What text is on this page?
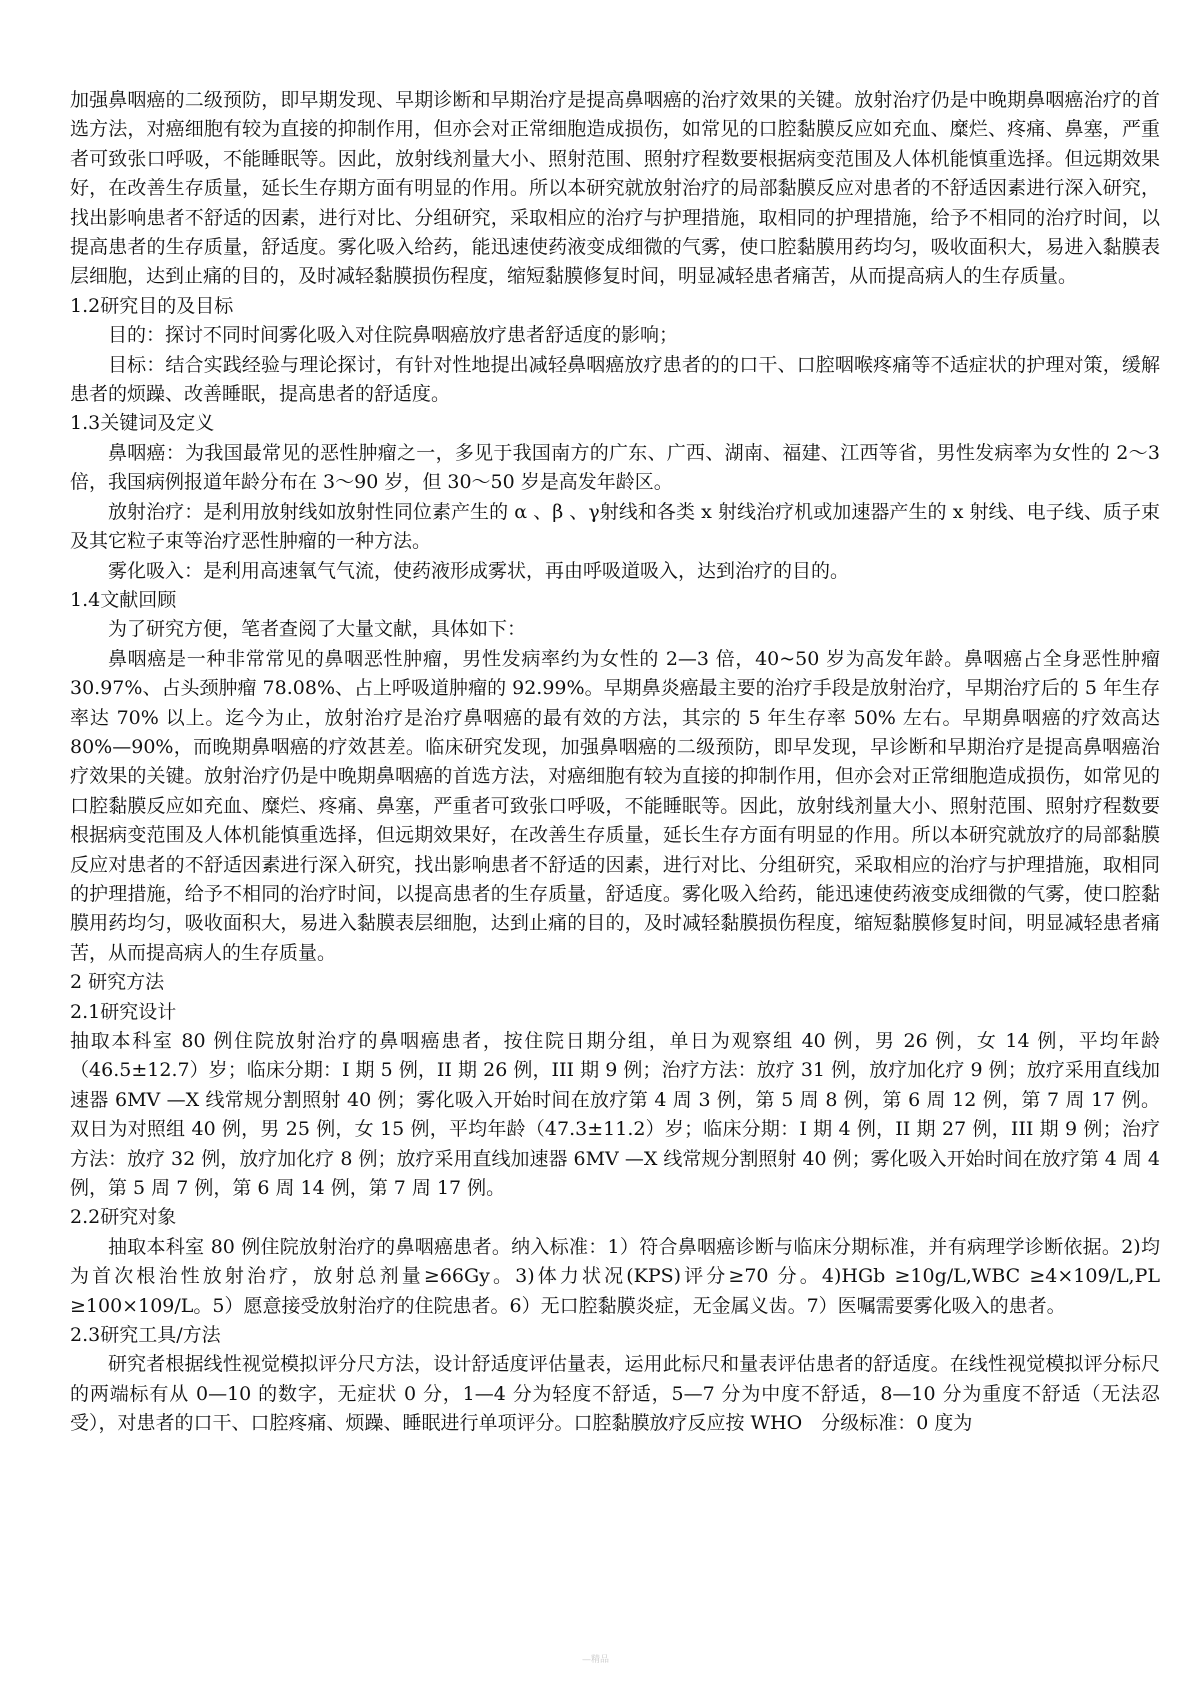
加强鼻咽癌的二级预防，即早期发现、早期诊断和早期治疗是提高鼻咽癌的治疗效果的关键。放射治疗仍是中晚期鼻咽癌治疗的首选方法，对癌细胞有较为直接的抑制作用，但亦会对正常细胞造成损伤，如常见的口腔黏膜反应如充血、糜烂、疼痛、鼻塞，严重者可致张口呼吸，不能睡眠等。因此，放射线剂量大小、照射范围、照射疗程数要根据病变范围及人体机能慎重选择。但远期效果好，在改善生存质量，延长生存期方面有明显的作用。所以本研究就放射治疗的局部黏膜反应对患者的不舒适因素进行深入研究，找出影响患者不舒适的因素，进行对比、分组研究，采取相应的治疗与护理措施，取相同的护理措施，给予不相同的治疗时间，以提高患者的生存质量，舒适度。雾化吸入给药，能迅速使药液变成细微的气雾，使口腔黏膜用药均匀，吸收面积大，易进入黏膜表层细胞，达到止痛的目的，及时减轻黏膜损伤程度，缩短黏膜修复时间，明显减轻患者痛苦，从而提高病人的生存质量。

1.2研究目的及目标

目的：探讨不同时间雾化吸入对住院鼻咽癌放疗患者舒适度的影响；

目标：结合实践经验与理论探讨，有针对性地提出减轻鼻咽癌放疗患者的的口干、口腔咽喉疼痛等不适症状的护理对策，缓解患者的烦躁、改善睡眠，提高患者的舒适度。

1.3关键词及定义

鼻咽癌：为我国最常见的恶性肿瘤之一，多见于我国南方的广东、广西、湖南、福建、江西等省，男性发病率为女性的 2～3 倍，我国病例报道年龄分布在 3～90 岁，但 30～50 岁是高发年龄区。

放射治疗：是利用放射线如放射性同位素产生的 α 、β 、γ射线和各类 x 射线治疗机或加速器产生的 x 射线、电子线、质子束及其它粒子束等治疗恶性肿瘤的一种方法。

雾化吸入：是利用高速氧气气流，使药液形成雾状，再由呼吸道吸入，达到治疗的目的。

1.4文献回顾

为了研究方便，笔者查阅了大量文献，具体如下：

鼻咽癌是一种非常常见的鼻咽恶性肿瘤，男性发病率约为女性的 2—3 倍，40~50 岁为高发年龄。鼻咽癌占全身恶性肿瘤 30.97%、占头颈肿瘤 78.08%、占上呼吸道肿瘤的 92.99%。早期鼻炎癌最主要的治疗手段是放射治疗，早期治疗后的 5 年生存率达 70% 以上。迄今为止，放射治疗是治疗鼻咽癌的最有效的方法，其宗的 5 年生存率 50% 左右。早期鼻咽癌的疗效高达 80%—90%，而晚期鼻咽癌的疗效甚差。临床研究发现，加强鼻咽癌的二级预防，即早发现，早诊断和早期治疗是提高鼻咽癌治疗效果的关键。放射治疗仍是中晚期鼻咽癌的首选方法，对癌细胞有较为直接的抑制作用，但亦会对正常细胞造成损伤，如常见的口腔黏膜反应如充血、糜烂、疼痛、鼻塞，严重者可致张口呼吸，不能睡眠等。因此，放射线剂量大小、照射范围、照射疗程数要根据病变范围及人体机能慎重选择，但远期效果好，在改善生存质量，延长生存方面有明显的作用。所以本研究就放疗的局部黏膜反应对患者的不舒适因素进行深入研究，找出影响患者不舒适的因素，进行对比、分组研究，采取相应的治疗与护理措施，取相同的护理措施，给予不相同的治疗时间，以提高患者的生存质量，舒适度。雾化吸入给药，能迅速使药液变成细微的气雾，使口腔黏膜用药均匀，吸收面积大，易进入黏膜表层细胞，达到止痛的目的，及时减轻黏膜损伤程度，缩短黏膜修复时间，明显减轻患者痛苦，从而提高病人的生存质量。

2 研究方法
2.1研究设计

抽取本科室 80 例住院放射治疗的鼻咽癌患者，按住院日期分组，单日为观察组 40 例，男 26 例，女 14 例，平均年龄（46.5±12.7）岁；临床分期：I 期 5 例，II 期 26 例，III 期 9 例；治疗方法：放疗 31 例，放疗加化疗 9 例；放疗采用直线加速器 6MV —X 线常规分割照射 40 例；雾化吸入开始时间在放疗第 4 周 3 例，第 5 周 8 例，第 6 周 12 例，第 7 周 17 例。双日为对照组 40 例，男 25 例，女 15 例，平均年龄（47.3±11.2）岁；临床分期：I 期 4 例，II 期 27 例，III 期 9 例；治疗方法：放疗 32 例，放疗加化疗 8 例；放疗采用直线加速器 6MV —X 线常规分割照射 40 例；雾化吸入开始时间在放疗第 4 周 4 例，第 5 周 7 例，第 6 周 14 例，第 7 周 17 例。

2.2研究对象

抽取本科室 80 例住院放射治疗的鼻咽癌患者。纳入标准：1）符合鼻咽癌诊断与临床分期标准，并有病理学诊断依据。2)均为首次根治性放射治疗，放射总剂量≥66Gy。3)体力状况(KPS)评分≥70 分。4)HGb ≥10g/L,WBC ≥4×109/L,PL ≥100×109/L。5）愿意接受放射治疗的住院患者。6）无口腔黏膜炎症，无金属义齿。7）医嘱需要雾化吸入的患者。

2.3研究工具/方法

研究者根据线性视觉模拟评分尺方法，设计舒适度评估量表，运用此标尺和量表评估患者的舒适度。在线性视觉模拟评分标尺的两端标有从 0—10 的数字，无症状 0 分，1—4 分为轻度不舒适，5—7 分为中度不舒适，8—10 分为重度不舒适（无法忍受），对患者的口干、口腔疼痛、烦躁、睡眠进行单项评分。口腔黏膜放疗反应按 WHO　分级标准：0 度为

—精品
